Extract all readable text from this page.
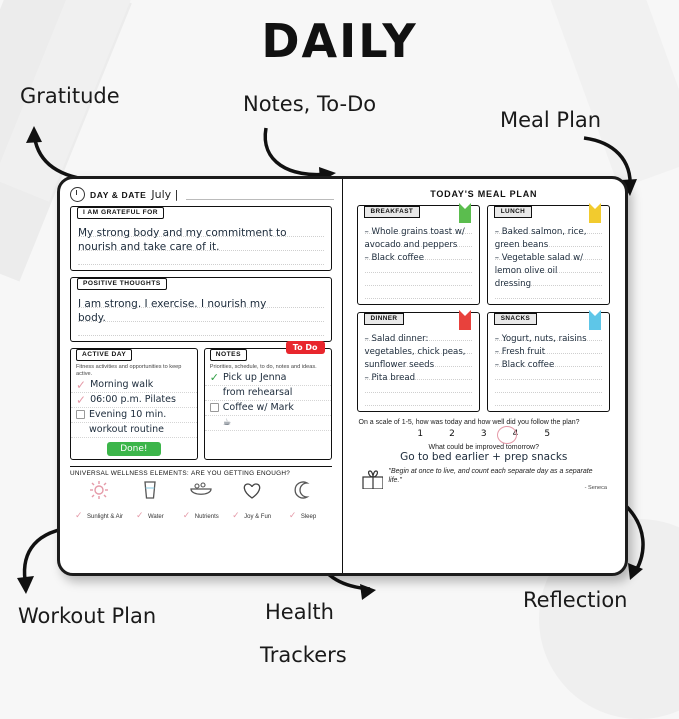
DAILY
Gratitude	Notes, To-Do
Meal Plan
Workout Plan	Health
Trackers
Reflection
DAY & DATE July |
I AM GRATEFUL FOR
My strong body and my commitment to
nourish and take care of it.
POSITIVE THOUGHTS
I am strong. I exercise. I nourish my
body.
ACTIVE DAY
Fitness activities and opportunities to keep active.
✓ Morning walk
✓ 06:00 p.m. Pilates
Evening 10 min.
workout routine
Done!
NOTES
To Do
Priorities, schedule, to do, notes and ideas.
✓ Pick up Jenna
from rehearsal
Coffee w/ Mark
☕
UNIVERSAL WELLNESS ELEMENTS: ARE YOU GETTING ENOUGH?
✓ Sunlight & Air	✓ Water	✓ Nutrients	✓ Joy & Fun	✓ Sleep
TODAY'S MEAL PLAN
BREAKFAST
– Whole grains toast w/
avocado and peppers
– Black coffee
LUNCH
– Baked salmon, rice,
green beans
– Vegetable salad w/
lemon olive oil
dressing
DINNER
– Salad dinner:
vegetables, chick peas,
sunflower seeds
– Pita bread
SNACKS
– Yogurt, nuts, raisins
– Fresh fruit
– Black coffee
On a scale of 1-5, how was today and how well did you follow the plan?
1	2	3	4	5
What could be improved tomorrow?
Go to bed earlier + prep snacks
"Begin at once to live, and count each separate day as a separate life."
- Seneca
